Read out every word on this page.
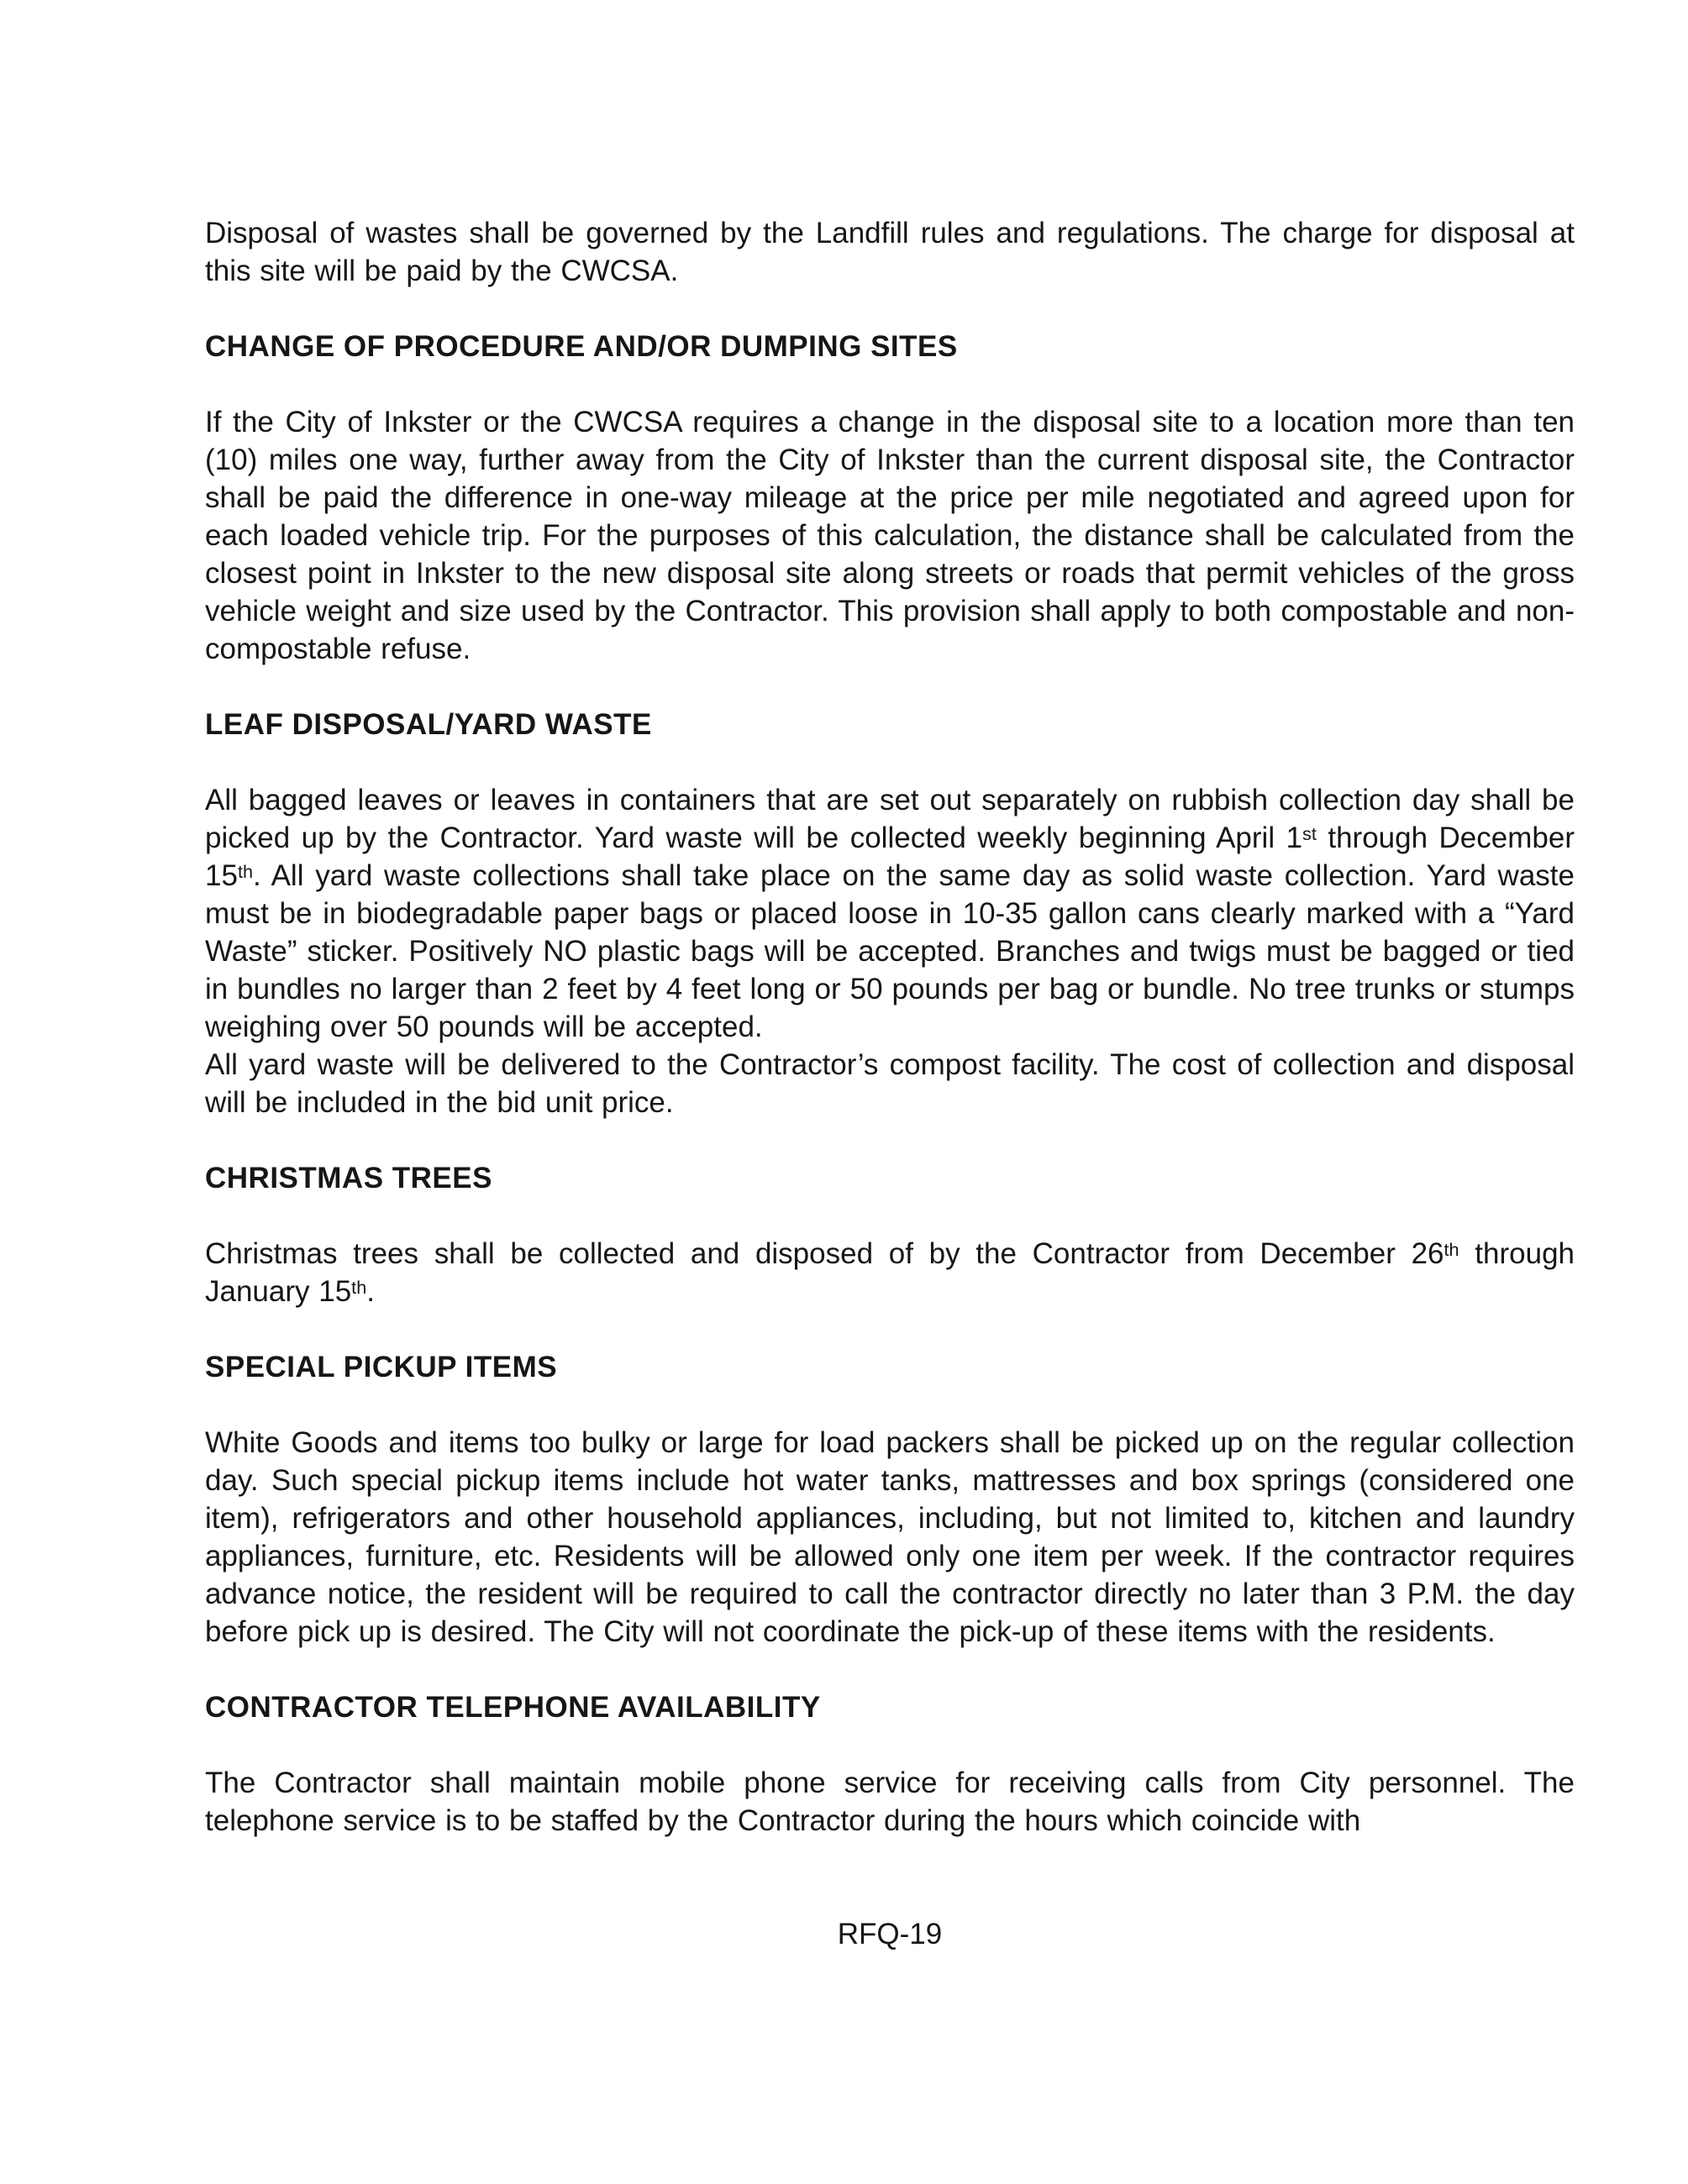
Disposal of wastes shall be governed by the Landfill rules and regulations. The charge for disposal at this site will be paid by the CWCSA.

CHANGE OF PROCEDURE AND/OR DUMPING SITES

If the City of Inkster or the CWCSA requires a change in the disposal site to a location more than ten (10) miles one way, further away from the City of Inkster than the current disposal site, the Contractor shall be paid the difference in one-way mileage at the price per mile negotiated and agreed upon for each loaded vehicle trip. For the purposes of this calculation, the distance shall be calculated from the closest point in Inkster to the new disposal site along streets or roads that permit vehicles of the gross vehicle weight and size used by the Contractor. This provision shall apply to both compostable and non-compostable refuse.

LEAF DISPOSAL/YARD WASTE

All bagged leaves or leaves in containers that are set out separately on rubbish collection day shall be picked up by the Contractor. Yard waste will be collected weekly beginning April 1st through December 15th. All yard waste collections shall take place on the same day as solid waste collection. Yard waste must be in biodegradable paper bags or placed loose in 10-35 gallon cans clearly marked with a “Yard Waste” sticker. Positively NO plastic bags will be accepted. Branches and twigs must be bagged or tied in bundles no larger than 2 feet by 4 feet long or 50 pounds per bag or bundle. No tree trunks or stumps weighing over 50 pounds will be accepted.

All yard waste will be delivered to the Contractor’s compost facility. The cost of collection and disposal will be included in the bid unit price.

CHRISTMAS TREES

Christmas trees shall be collected and disposed of by the Contractor from December 26th through January 15th.

SPECIAL PICKUP ITEMS

White Goods and items too bulky or large for load packers shall be picked up on the regular collection day. Such special pickup items include hot water tanks, mattresses and box springs (considered one item), refrigerators and other household appliances, including, but not limited to, kitchen and laundry appliances, furniture, etc. Residents will be allowed only one item per week. If the contractor requires advance notice, the resident will be required to call the contractor directly no later than 3 P.M. the day before pick up is desired. The City will not coordinate the pick-up of these items with the residents.

CONTRACTOR TELEPHONE AVAILABILITY

The Contractor shall maintain mobile phone service for receiving calls from City personnel. The telephone service is to be staffed by the Contractor during the hours which coincide with

RFQ-19
